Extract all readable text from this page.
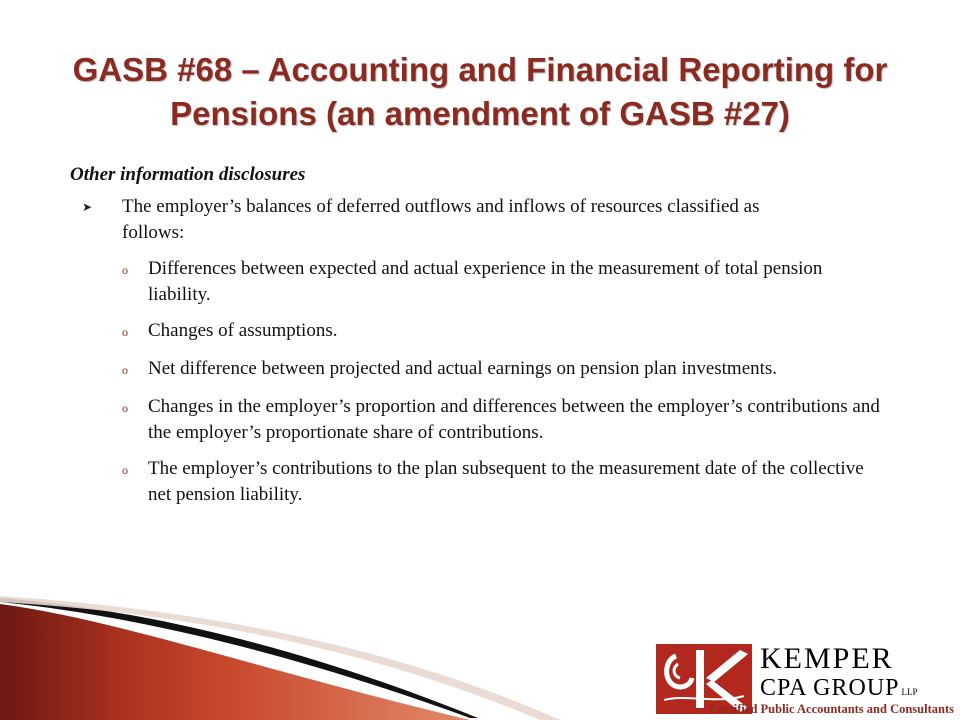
GASB #68 – Accounting and Financial Reporting for Pensions (an amendment of GASB #27)
Other information disclosures
➤	The employer’s balances of deferred outflows and inflows of resources classified as follows:
o	Differences between expected and actual experience in the measurement of total pension liability.
o	Changes of assumptions.
o	Net difference between projected and actual earnings on pension plan investments.
o	Changes in the employer’s proportion and differences between the employer’s contributions and the employer’s proportionate share of contributions.
o	The employer’s contributions to the plan subsequent to the measurement date of the collective net pension liability.
KEMPER
CPA GROUP LLP
Certified Public Accountants and Consultants
